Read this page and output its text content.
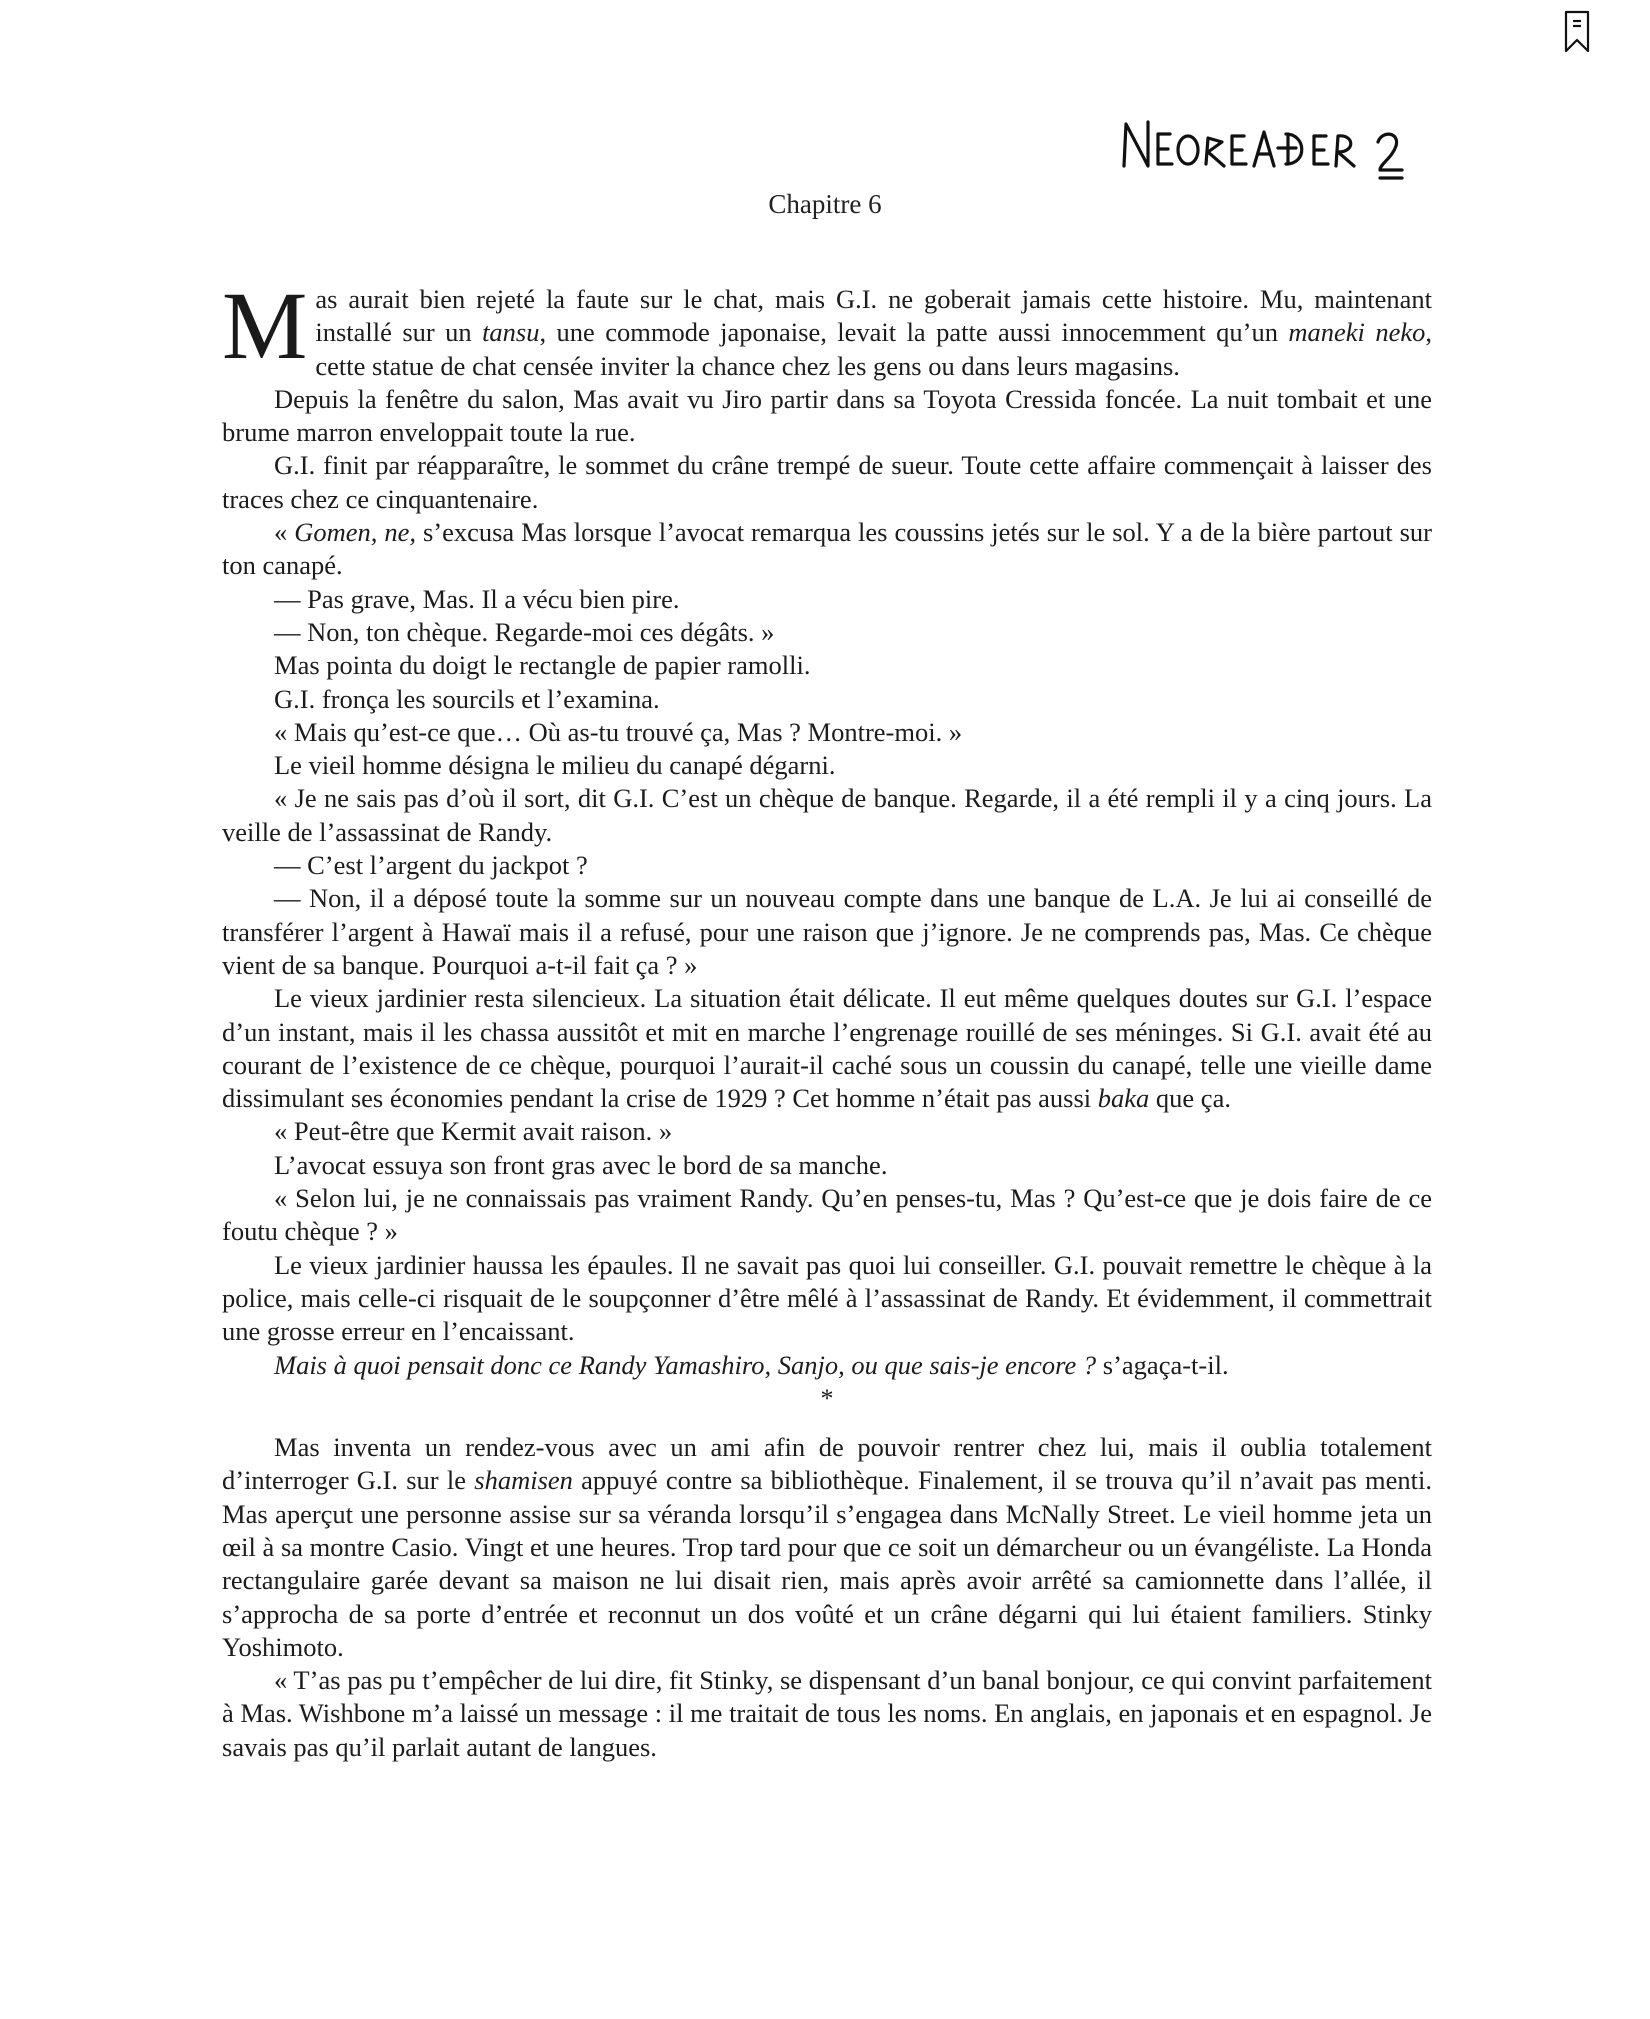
Chapitre 6

Mas aurait bien rejeté la faute sur le chat, mais G.I. ne goberait jamais cette histoire. Mu, maintenant installé sur un tansu, une commode japonaise, levait la patte aussi innocemment qu’un maneki neko, cette statue de chat censée inviter la chance chez les gens ou dans leurs magasins.

Depuis la fenêtre du salon, Mas avait vu Jiro partir dans sa Toyota Cressida foncée. La nuit tombait et une brume marron enveloppait toute la rue.

G.I. finit par réapparaître, le sommet du crâne trempé de sueur. Toute cette affaire commençait à laisser des traces chez ce cinquantenaire.

« Gomen, ne, s’excusa Mas lorsque l’avocat remarqua les coussins jetés sur le sol. Y a de la bière partout sur ton canapé.

— Pas grave, Mas. Il a vécu bien pire.

— Non, ton chèque. Regarde-moi ces dégâts. »

Mas pointa du doigt le rectangle de papier ramolli.

G.I. fronça les sourcils et l’examina.

« Mais qu’est-ce que… Où as-tu trouvé ça, Mas ? Montre-moi. »

Le vieil homme désigna le milieu du canapé dégarni.

« Je ne sais pas d’où il sort, dit G.I. C’est un chèque de banque. Regarde, il a été rempli il y a cinq jours. La veille de l’assassinat de Randy.

— C’est l’argent du jackpot ?

— Non, il a déposé toute la somme sur un nouveau compte dans une banque de L.A. Je lui ai conseillé de transférer l’argent à Hawaï mais il a refusé, pour une raison que j’ignore. Je ne comprends pas, Mas. Ce chèque vient de sa banque. Pourquoi a-t-il fait ça ? »

Le vieux jardinier resta silencieux. La situation était délicate. Il eut même quelques doutes sur G.I. l’espace d’un instant, mais il les chassa aussitôt et mit en marche l’engrenage rouillé de ses méninges. Si G.I. avait été au courant de l’existence de ce chèque, pourquoi l’aurait-il caché sous un coussin du canapé, telle une vieille dame dissimulant ses économies pendant la crise de 1929 ? Cet homme n’était pas aussi baka que ça.

« Peut-être que Kermit avait raison. »

L’avocat essuya son front gras avec le bord de sa manche.

« Selon lui, je ne connaissais pas vraiment Randy. Qu’en penses-tu, Mas ? Qu’est-ce que je dois faire de ce foutu chèque ? »

Le vieux jardinier haussa les épaules. Il ne savait pas quoi lui conseiller. G.I. pouvait remettre le chèque à la police, mais celle-ci risquait de le soupçonner d’être mêlé à l’assassinat de Randy. Et évidemment, il commettrait une grosse erreur en l’encaissant.

Mais à quoi pensait donc ce Randy Yamashiro, Sanjo, ou que sais-je encore ? s’agaça-t-il.

*

Mas inventa un rendez-vous avec un ami afin de pouvoir rentrer chez lui, mais il oublia totalement d’interroger G.I. sur le shamisen appuyé contre sa bibliothèque. Finalement, il se trouva qu’il n’avait pas menti. Mas aperçut une personne assise sur sa véranda lorsqu’il s’engagea dans McNally Street. Le vieil homme jeta un œil à sa montre Casio. Vingt et une heures. Trop tard pour que ce soit un démarcheur ou un évangéliste. La Honda rectangulaire garée devant sa maison ne lui disait rien, mais après avoir arrêté sa camionnette dans l’allée, il s’approcha de sa porte d’entrée et reconnut un dos voûté et un crâne dégarni qui lui étaient familiers. Stinky Yoshimoto.

« T’as pas pu t’empêcher de lui dire, fit Stinky, se dispensant d’un banal bonjour, ce qui convint parfaitement à Mas. Wishbone m’a laissé un message : il me traitait de tous les noms. En anglais, en japonais et en espagnol. Je savais pas qu’il parlait autant de langues.
